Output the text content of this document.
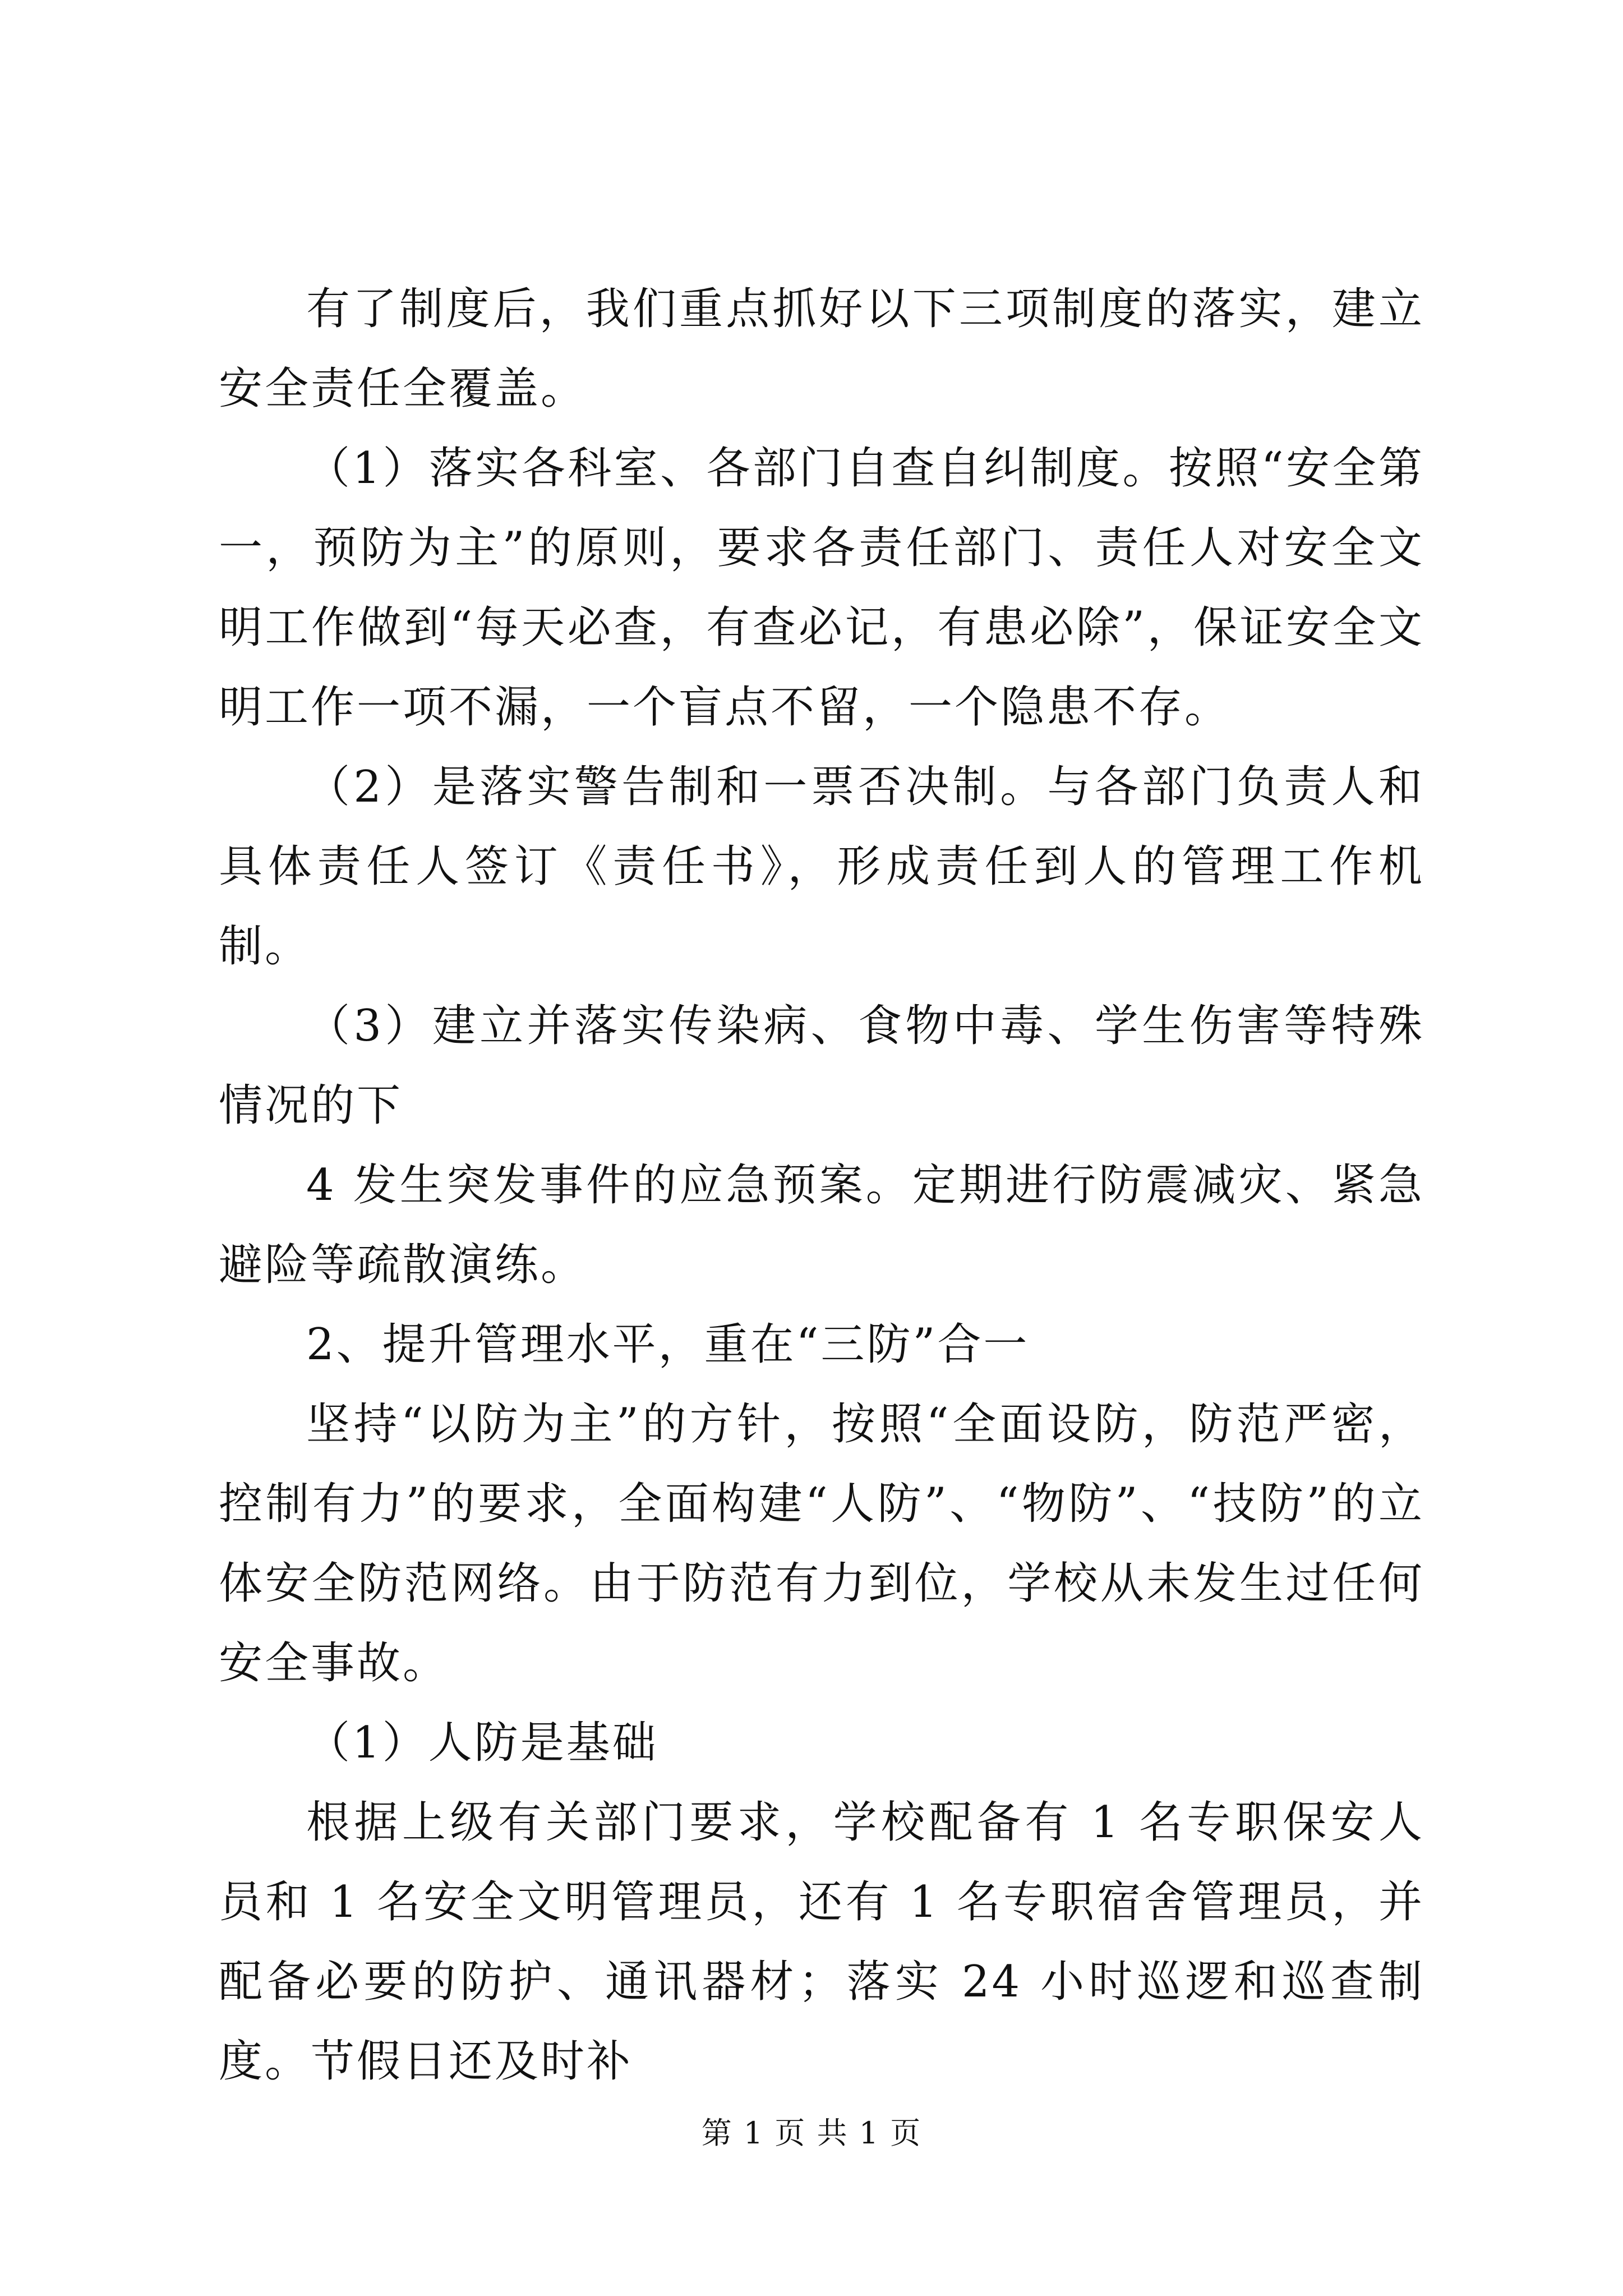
有了制度后，我们重点抓好以下三项制度的落实，建立安全责任全覆盖。

（1）落实各科室、各部门自查自纠制度。按照“安全第一，预防为主”的原则，要求各责任部门、责任人对安全文明工作做到“每天必查，有查必记，有患必除”，保证安全文明工作一项不漏，一个盲点不留，一个隐患不存。

（2）是落实警告制和一票否决制。与各部门负责人和具体责任人签订《责任书》，形成责任到人的管理工作机制。

（3）建立并落实传染病、食物中毒、学生伤害等特殊情况的下

4 发生突发事件的应急预案。定期进行防震减灾、紧急避险等疏散演练。

2、提升管理水平，重在“三防”合一

坚持“以防为主”的方针，按照“全面设防，防范严密，控制有力”的要求，全面构建“人防”、“物防”、“技防”的立体安全防范网络。由于防范有力到位，学校从未发生过任何安全事故。

（1）人防是基础

根据上级有关部门要求，学校配备有 1 名专职保安人员和 1 名安全文明管理员，还有 1 名专职宿舍管理员，并配备必要的防护、通讯器材；落实 24 小时巡逻和巡查制度。节假日还及时补

第 1 页 共 1 页
